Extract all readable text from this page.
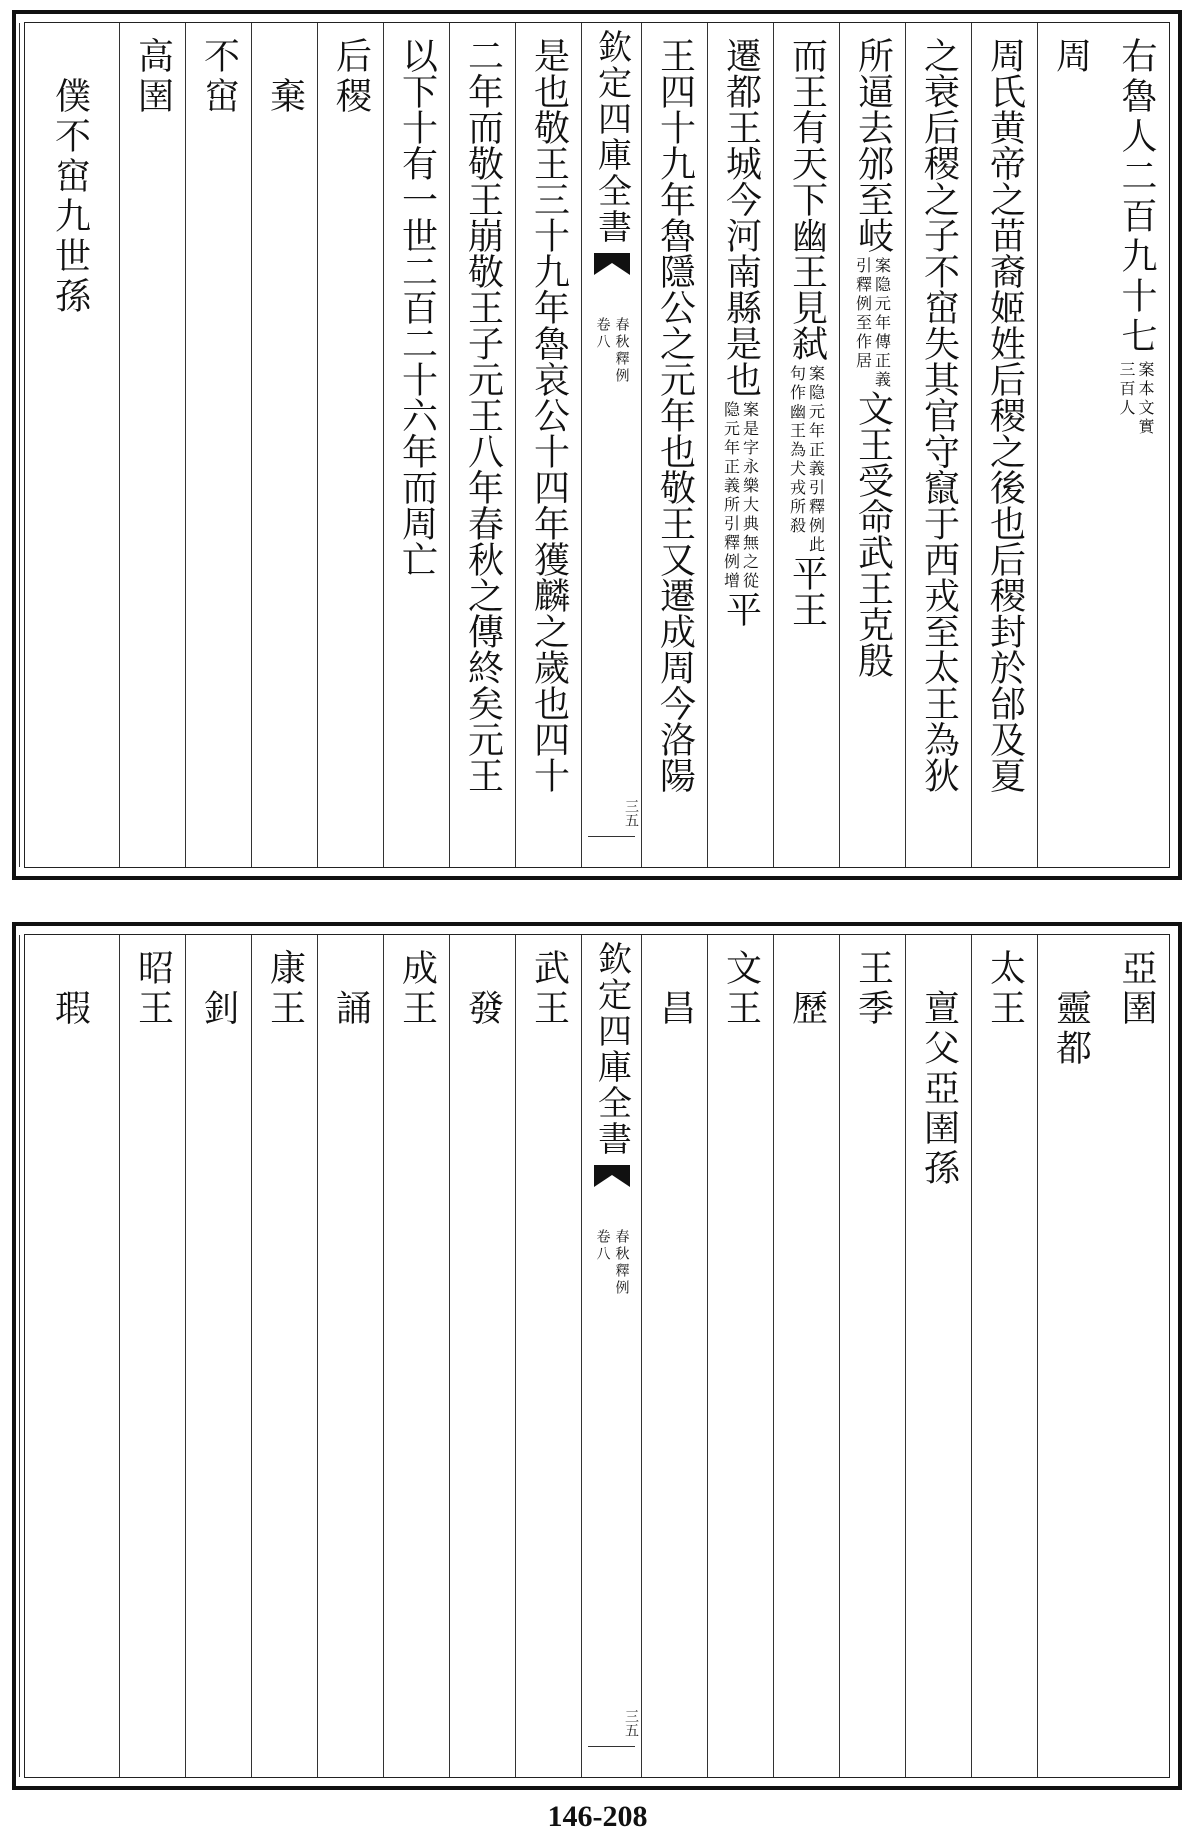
右魯人二百九十七
案本文實
三百人
周
周氏黄帝之苗裔姬姓后稷之後也后稷封於邰及夏
之衰后稷之子不窋失其官守竄于西戎至太王為狄
所逼去邠至岐
案隐元年傳正義
引釋例至作居
文王受命武王克殷
而王有天下幽王見弑
案隐元年正義引釋例此
句作幽王為犬戎所殺
平王
遷都王城今河南縣是也
案是字永樂大典無之從
隐元年正義所引釋例增
平
王四十九年魯隱公之元年也敬王又遷成周今洛陽
欽定四庫全書
春秋釋例
卷八
三五
是也敬王三十九年魯哀公十四年獲麟之歲也四十
二年而敬王崩敬王子元王八年春秋之傳終矣元王
以下十有一世二百二十六年而周亡
后稷
棄
不窋
高圉
僕不窋九世孫
亞圉
靈都
太王
亶父亞圉孫
王季
歷
文王
昌
欽定四庫全書
春秋釋例
卷八
三五
武王
發
成王
誦
康王
釗
昭王
瑕
146-208
